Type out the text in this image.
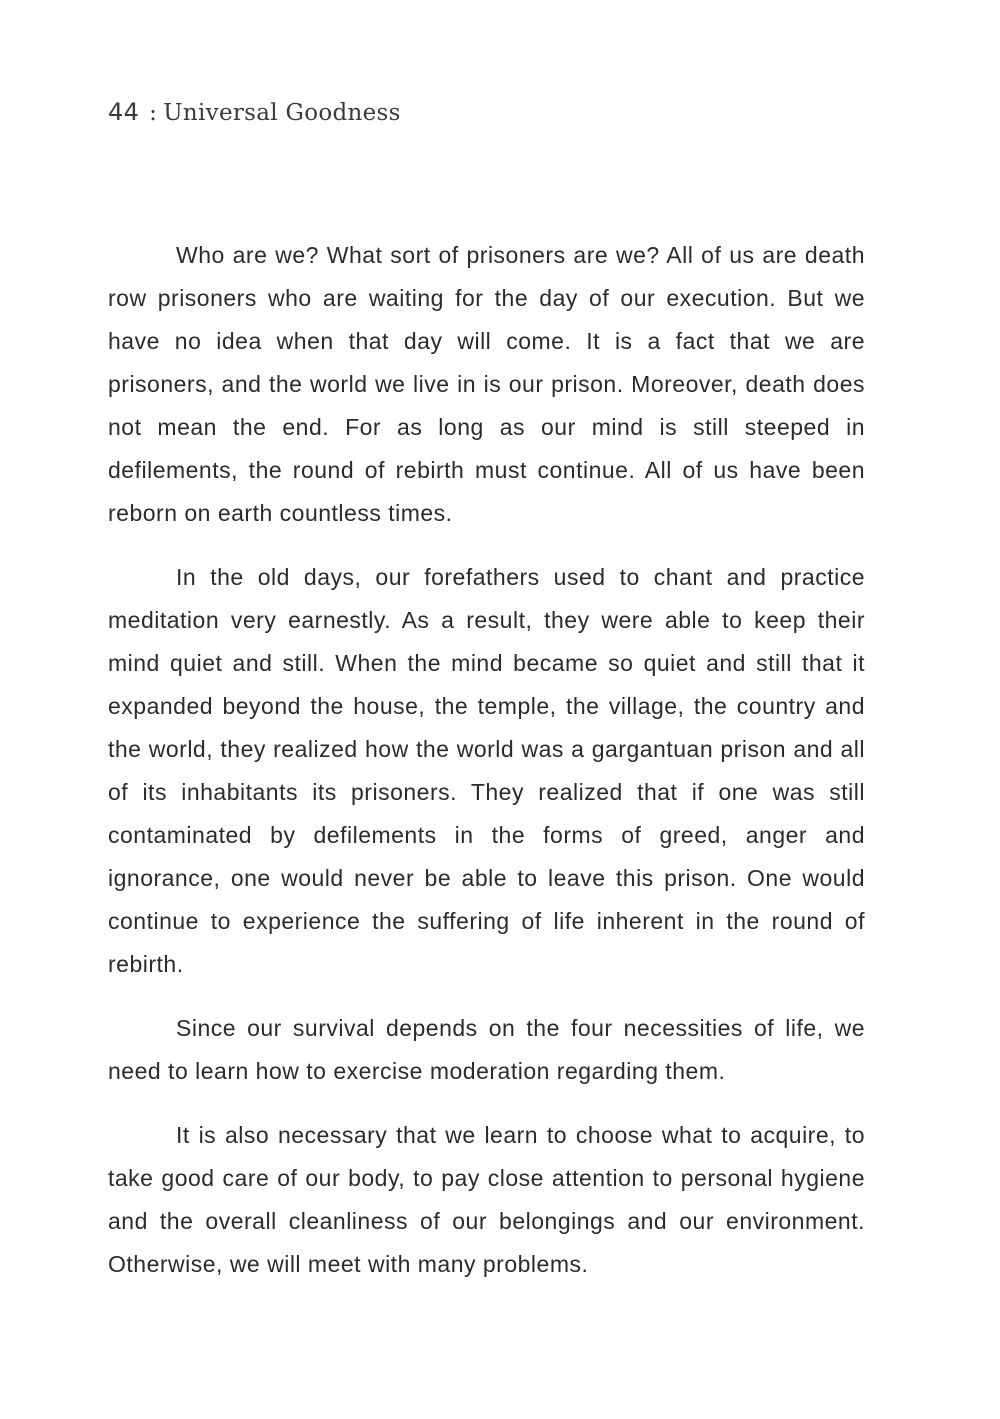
44 : Universal Goodness

Who are we? What sort of prisoners are we? All of us are death row prisoners who are waiting for the day of our execution. But we have no idea when that day will come. It is a fact that we are prisoners, and the world we live in is our prison. Moreover, death does not mean the end. For as long as our mind is still steeped in defilements, the round of rebirth must continue. All of us have been reborn on earth countless times.

In the old days, our forefathers used to chant and practice meditation very earnestly. As a result, they were able to keep their mind quiet and still. When the mind became so quiet and still that it expanded beyond the house, the temple, the village, the country and the world, they realized how the world was a gargantuan prison and all of its inhabitants its prisoners. They realized that if one was still contaminated by defilements in the forms of greed, anger and ignorance, one would never be able to leave this prison. One would continue to experience the suffering of life inherent in the round of rebirth.

Since our survival depends on the four necessities of life, we need to learn how to exercise moderation regarding them.

It is also necessary that we learn to choose what to acquire, to take good care of our body, to pay close attention to personal hygiene and the overall cleanliness of our belongings and our environment. Otherwise, we will meet with many problems.
